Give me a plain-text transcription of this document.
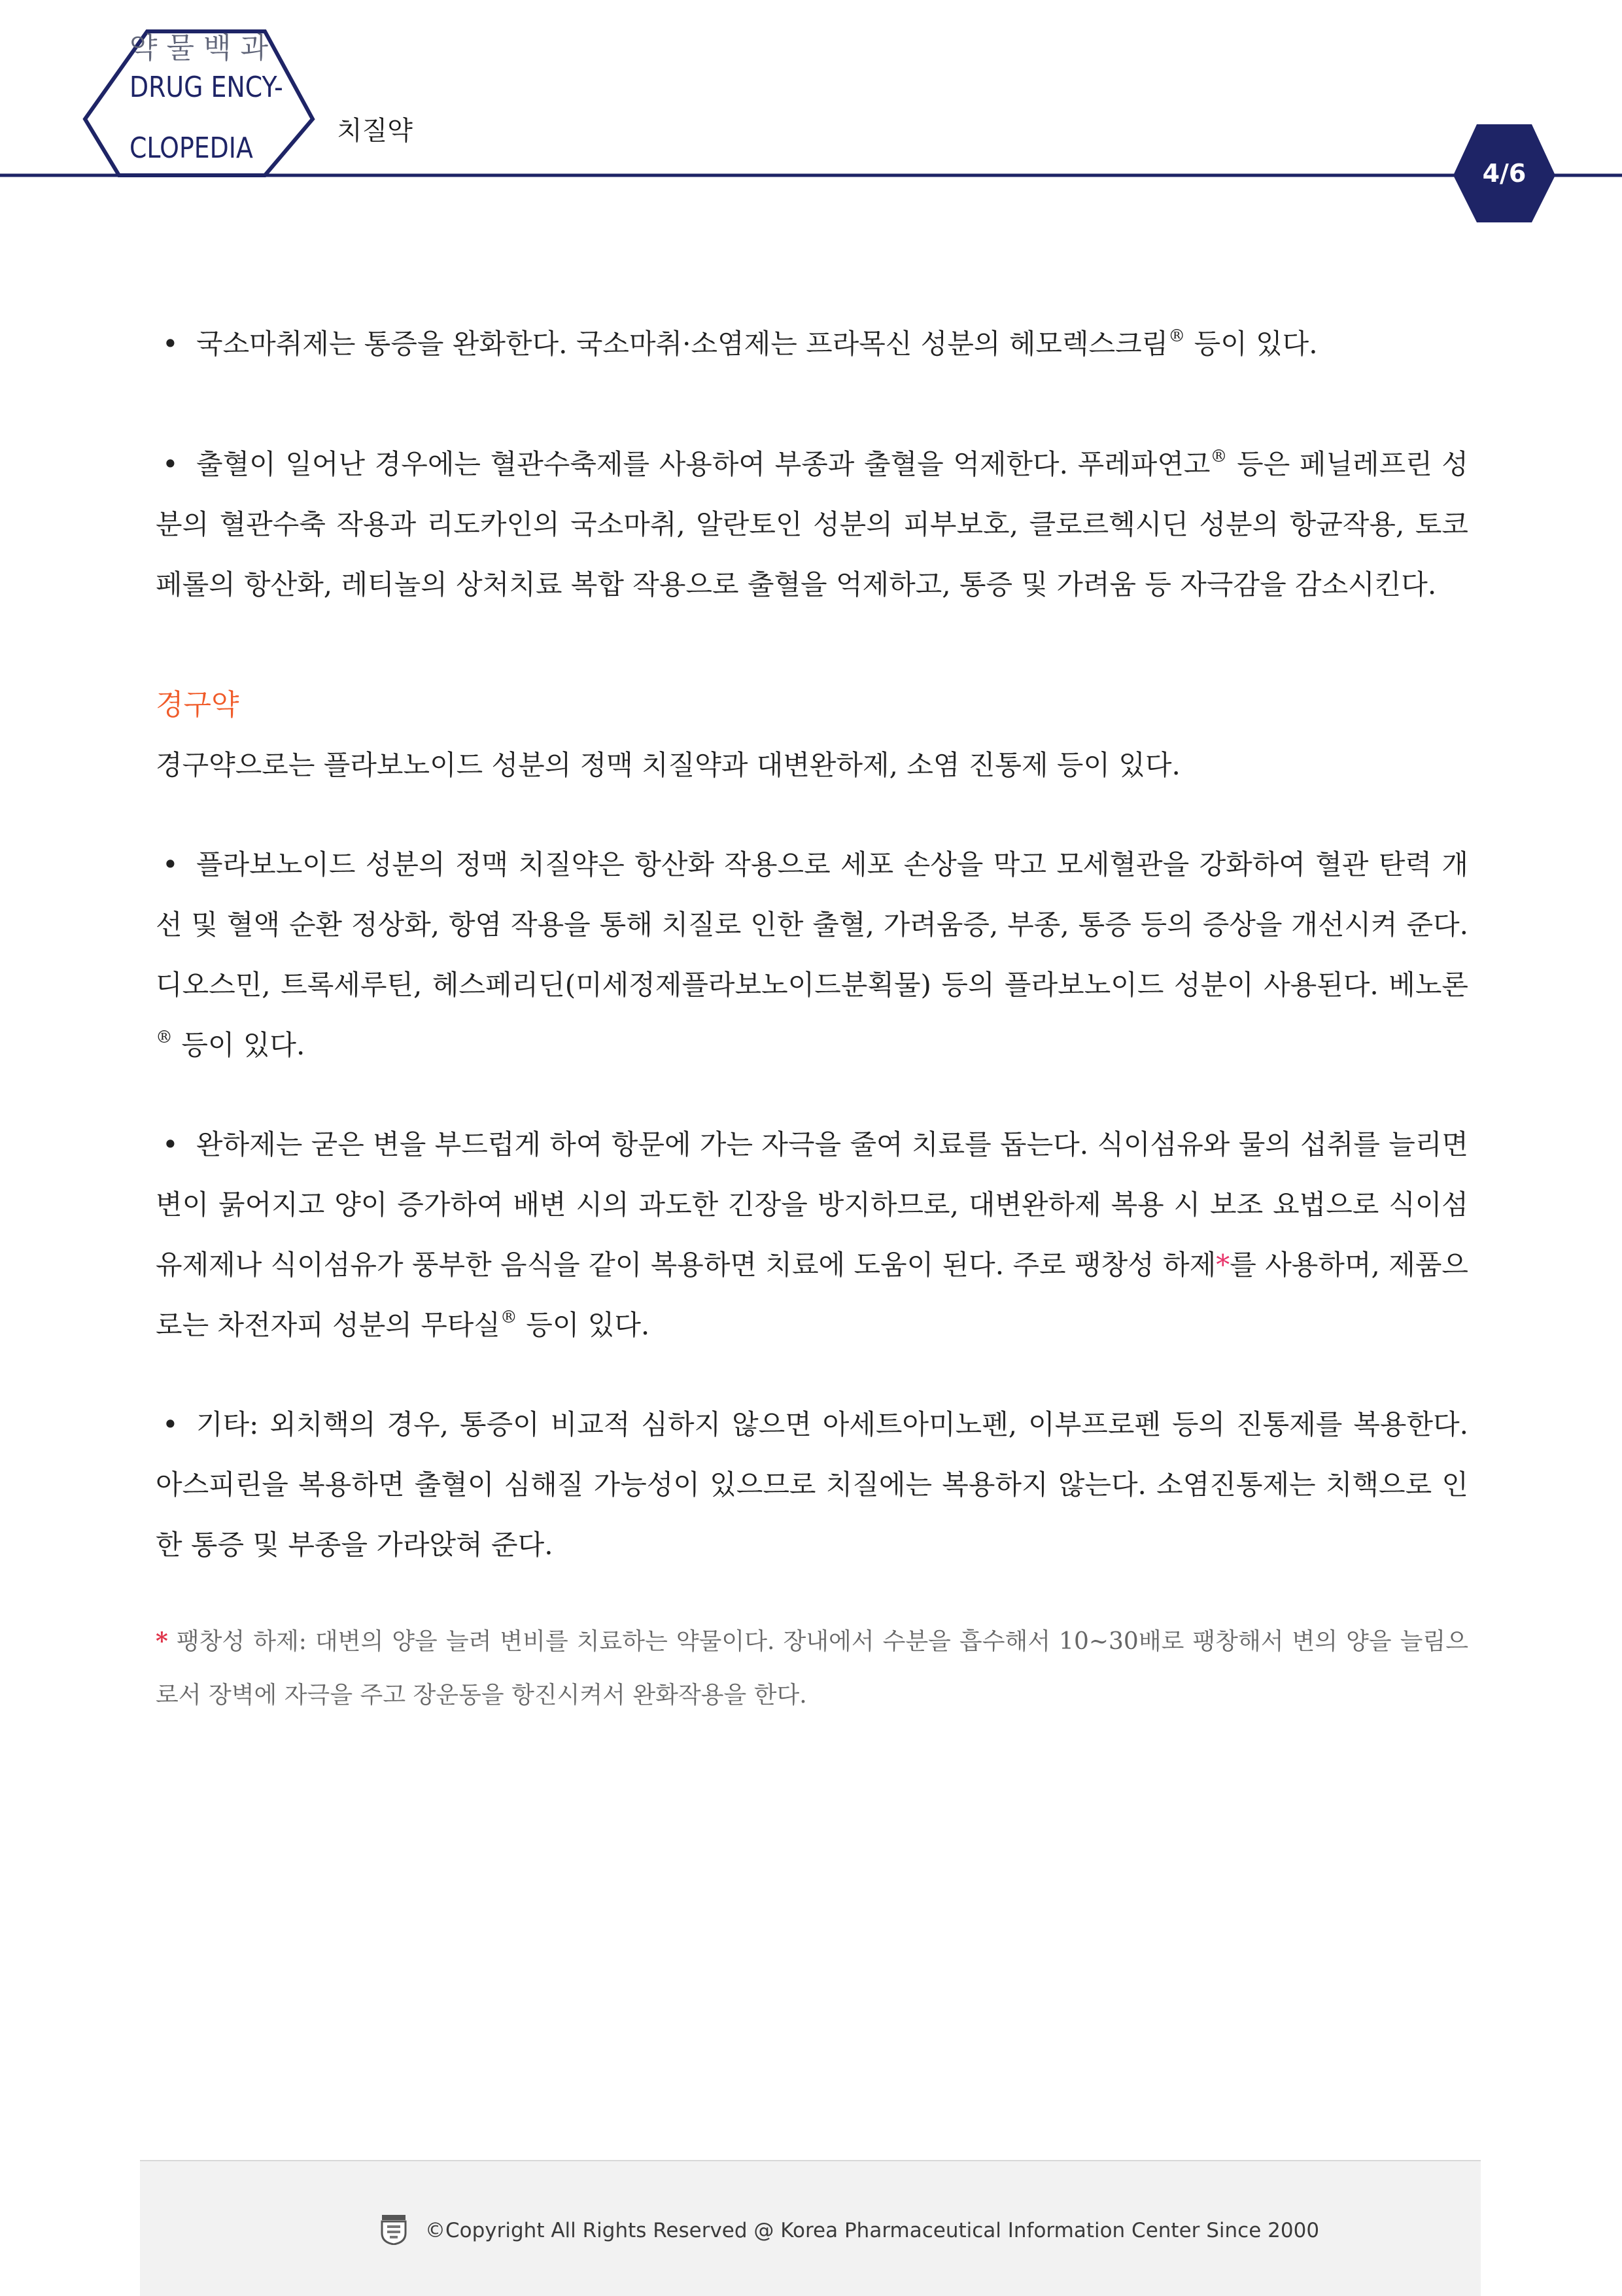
약물백과
DRUG ENCY-
CLOPEDIA
치질약
4/6

• 국소마취제는 통증을 완화한다. 국소마취·소염제는 프라목신 성분의 헤모렉스크림® 등이 있다.

• 출혈이 일어난 경우에는 혈관수축제를 사용하여 부종과 출혈을 억제한다. 푸레파연고® 등은 페닐레프린 성분의 혈관수축 작용과 리도카인의 국소마취, 알란토인 성분의 피부보호, 클로르헥시딘 성분의 항균작용, 토코페롤의 항산화, 레티놀의 상처치료 복합 작용으로 출혈을 억제하고, 통증 및 가려움 등 자극감을 감소시킨다.

경구약

경구약으로는 플라보노이드 성분의 정맥 치질약과 대변완하제, 소염 진통제 등이 있다.

• 플라보노이드 성분의 정맥 치질약은 항산화 작용으로 세포 손상을 막고 모세혈관을 강화하여 혈관 탄력 개선 및 혈액 순환 정상화, 항염 작용을 통해 치질로 인한 출혈, 가려움증, 부종, 통증 등의 증상을 개선시켜 준다. 디오스민, 트록세루틴, 헤스페리딘(미세정제플라보노이드분획물) 등의 플라보노이드 성분이 사용된다. 베노론® 등이 있다.

• 완하제는 굳은 변을 부드럽게 하여 항문에 가는 자극을 줄여 치료를 돕는다. 식이섬유와 물의 섭취를 늘리면 변이 묽어지고 양이 증가하여 배변 시의 과도한 긴장을 방지하므로, 대변완하제 복용 시 보조 요법으로 식이섬유제제나 식이섬유가 풍부한 음식을 같이 복용하면 치료에 도움이 된다. 주로 팽창성 하제*를 사용하며, 제품으로는 차전자피 성분의 무타실® 등이 있다.

• 기타: 외치핵의 경우, 통증이 비교적 심하지 않으면 아세트아미노펜, 이부프로펜 등의 진통제를 복용한다. 아스피린을 복용하면 출혈이 심해질 가능성이 있으므로 치질에는 복용하지 않는다. 소염진통제는 치핵으로 인한 통증 및 부종을 가라앉혀 준다.

* 팽창성 하제: 대변의 양을 늘려 변비를 치료하는 약물이다. 장내에서 수분을 흡수해서 10~30배로 팽창해서 변의 양을 늘림으로서 장벽에 자극을 주고 장운동을 항진시켜서 완화작용을 한다.

©Copyright All Rights Reserved @ Korea Pharmaceutical Information Center Since 2000
